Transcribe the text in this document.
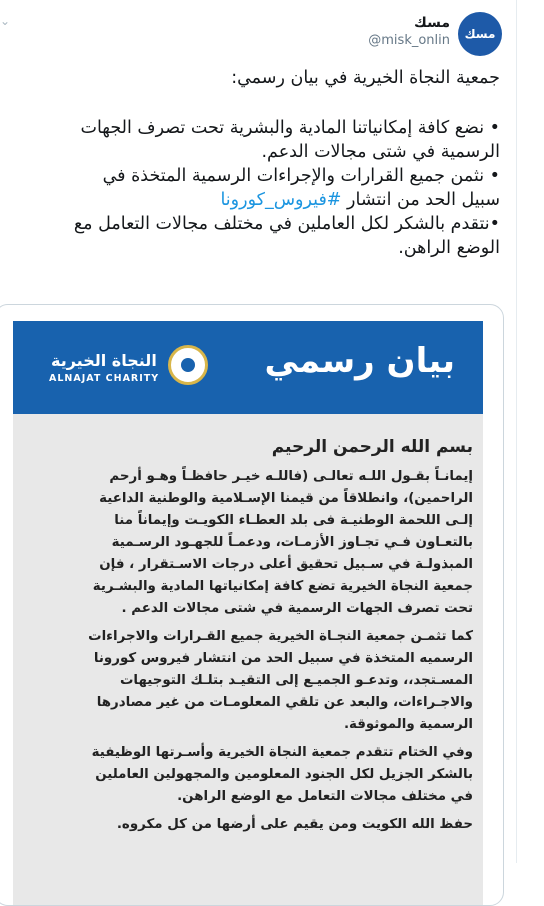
⌄
مسك
مسك
@misk_onlin

جمعية النجاة الخيرية في بيان رسمي:

• نضع كافة إمكانياتنا المادية والبشرية تحت تصرف الجهات

الرسمية في شتى مجالات الدعم.

• نثمن جميع القرارات والإجراءات الرسمية المتخذة في

سبيل الحد من انتشار #فيروس_كورونا

•نتقدم بالشكر لكل العاملين في مختلف مجالات التعامل مع

الوضع الراهن.

بيان رسمي
النجاة الخيرية
ALNAJAT CHARITY

بسم الله الرحمن الرحيم

إيمانـاً بقـول اللـه تعالـى (فاللـه خيـر حافظـاً وهـو أرحم
الراحمين)، وانطلاقاً من قيمنا الإسـلامية والوطنية الداعية
إلـى اللحمة الوطنيـة فى بلد العطـاء الكويـت وإيماناً منا
بالتعـاون فـي تجـاوز الأزمـات، ودعمـاً للجهـود الرسـمية
المبذولـة في سـبيل تحقيق أعلى درجات الاسـتقرار ، فإن
جمعية النجاة الخيرية تضع كافة إمكانياتها المادية والبشـرية
تحت تصرف الجهات الرسمية في شتى مجالات الدعم .

كما تثمـن جمعية النجـاة الخيرية جميع القـرارات والاجراءات
الرسميه المتخذة في سبيل الحد من انتشار فيروس كورونا
المسـتجد،، وتدعـو الجميـع إلى التقيـد بتلـك التوجيهات
والاجـراءات، والبعد عن تلقي المعلومـات من غير مصادرها
الرسمية والموثوقة.

وفي الختام تتقدم جمعية النجاة الخيرية وأسـرتها الوظيفية
بالشكر الجزيل لكل الجنود المعلومين والمجهولين العاملين
في مختلف مجالات التعامل مع الوضع الراهن.

حفظ الله الكويت ومن يقيم على أرضها من كل مكروه.
